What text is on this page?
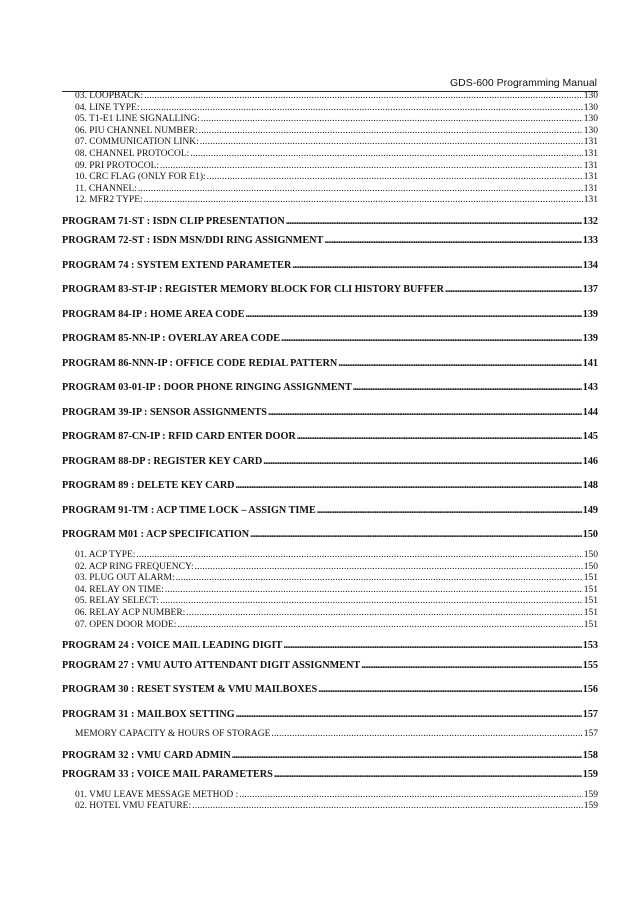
GDS-600 Programming Manual
03. LOOPBACK: .....	130
04. LINE TYPE: .....	130
05. T1-E1 LINE SIGNALLING: .....	130
06. PIU CHANNEL NUMBER: .....	130
07. COMMUNICATION LINK: .....	131
08. CHANNEL PROTOCOL: .....	131
09. PRI PROTOCOL: .....	131
10. CRC FLAG (ONLY FOR E1): .....	131
11. CHANNEL: .....	131
12. MFR2 TYPE: .....	131
PROGRAM 71-ST : ISDN CLIP PRESENTATION .....	132
PROGRAM 72-ST : ISDN MSN/DDI RING ASSIGNMENT .....	133
PROGRAM 74 : SYSTEM EXTEND PARAMETER .....	134
PROGRAM 83-ST-IP : REGISTER MEMORY BLOCK FOR CLI HISTORY BUFFER .....	137
PROGRAM 84-IP : HOME AREA CODE .....	139
PROGRAM 85-NN-IP : OVERLAY AREA CODE .....	139
PROGRAM 86-NNN-IP : OFFICE CODE REDIAL PATTERN .....	141
PROGRAM 03-01-IP : DOOR PHONE RINGING ASSIGNMENT .....	143
PROGRAM 39-IP : SENSOR ASSIGNMENTS .....	144
PROGRAM 87-CN-IP : RFID CARD ENTER DOOR .....	145
PROGRAM 88-DP : REGISTER KEY CARD .....	146
PROGRAM 89 : DELETE KEY CARD .....	148
PROGRAM 91-TM : ACP TIME LOCK – ASSIGN TIME .....	149
PROGRAM M01 : ACP SPECIFICATION .....	150
01. ACP TYPE: .....	150
02. ACP RING FREQUENCY: .....	150
03. PLUG OUT ALARM: .....	151
04. RELAY ON TIME: .....	151
05. RELAY SELECT: .....	151
06. RELAY ACP NUMBER: .....	151
07. OPEN DOOR MODE: .....	151
PROGRAM 24 : VOICE MAIL LEADING DIGIT .....	153
PROGRAM 27 : VMU AUTO ATTENDANT DIGIT ASSIGNMENT .....	155
PROGRAM 30 : RESET SYSTEM & VMU MAILBOXES .....	156
PROGRAM 31 : MAILBOX SETTING .....	157
MEMORY CAPACITY & HOURS OF STORAGE .....	157
PROGRAM 32 : VMU CARD ADMIN .....	158
PROGRAM 33 : VOICE MAIL PARAMETERS .....	159
01. VMU LEAVE MESSAGE METHOD : .....	159
02. HOTEL VMU FEATURE: .....	159
